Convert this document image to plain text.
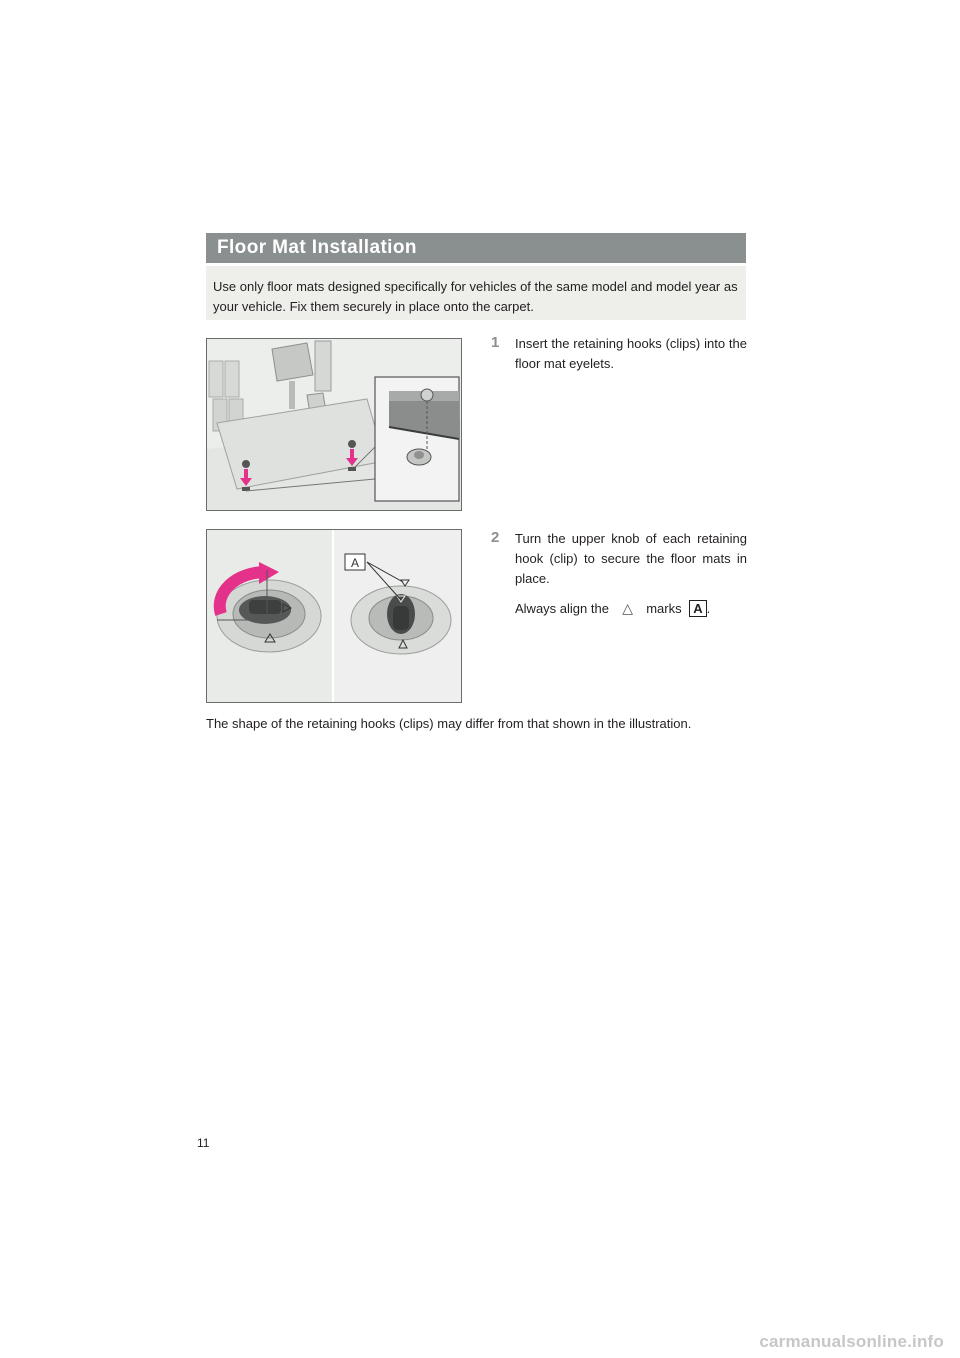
Floor Mat Installation
Use only floor mats designed specifically for vehicles of the same model and model year as your vehicle. Fix them securely in place onto the carpet.
1 Insert the retaining hooks (clips) into the floor mat eyelets.
A
2 Turn the upper knob of each retaining hook (clip) to secure the floor mats in place.
Always align the △ marks A .
The shape of the retaining hooks (clips) may differ from that shown in the illustration.
11
carmanualsonline.info
